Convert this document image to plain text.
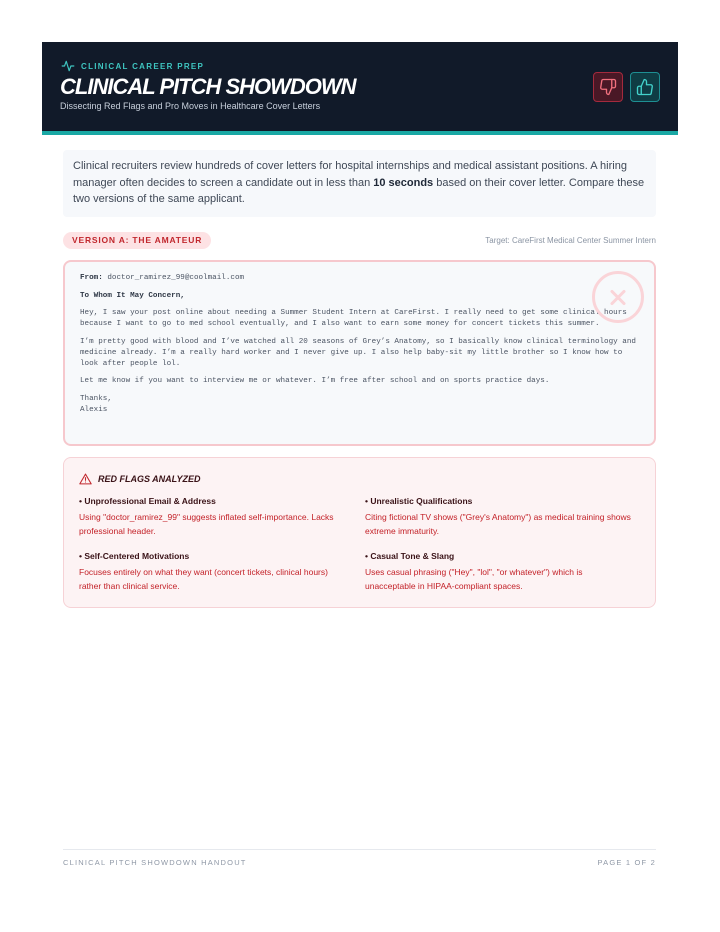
CLINICAL CAREER PREP
CLINICAL PITCH SHOWDOWN
Dissecting Red Flags and Pro Moves in Healthcare Cover Letters
Clinical recruiters review hundreds of cover letters for hospital internships and medical assistant positions. A hiring manager often decides to screen a candidate out in less than 10 seconds based on their cover letter. Compare these two versions of the same applicant.
VERSION A: THE AMATEUR	Target: CareFirst Medical Center Summer Intern

From: doctor_ramirez_99@coolmail.com

To Whom It May Concern,

Hey, I saw your post online about needing a Summer Student Intern at CareFirst. I really need to get some clinical hours because I want to go to med school eventually, and I also want to earn some money for concert tickets this summer.

I’m pretty good with blood and I’ve watched all 20 seasons of Grey’s Anatomy, so I basically know clinical terminology and medicine already. I’m a really hard worker and I never give up. I also help baby-sit my little brother so I know how to look after people lol.

Let me know if you want to interview me or whatever. I’m free after school and on sports practice days.

Thanks,
Alexis

RED FLAGS ANALYZED
• Unprofessional Email & Address
Using "doctor_ramirez_99" suggests inflated self-importance. Lacks professional header.
• Unrealistic Qualifications
Citing fictional TV shows ("Grey's Anatomy") as medical training shows extreme immaturity.
• Self-Centered Motivations
Focuses entirely on what they want (concert tickets, clinical hours) rather than clinical service.
• Casual Tone & Slang
Uses casual phrasing ("Hey", "lol", "or whatever") which is unacceptable in HIPAA-compliant spaces.
CLINICAL PITCH SHOWDOWN HANDOUT	PAGE 1 OF 2
